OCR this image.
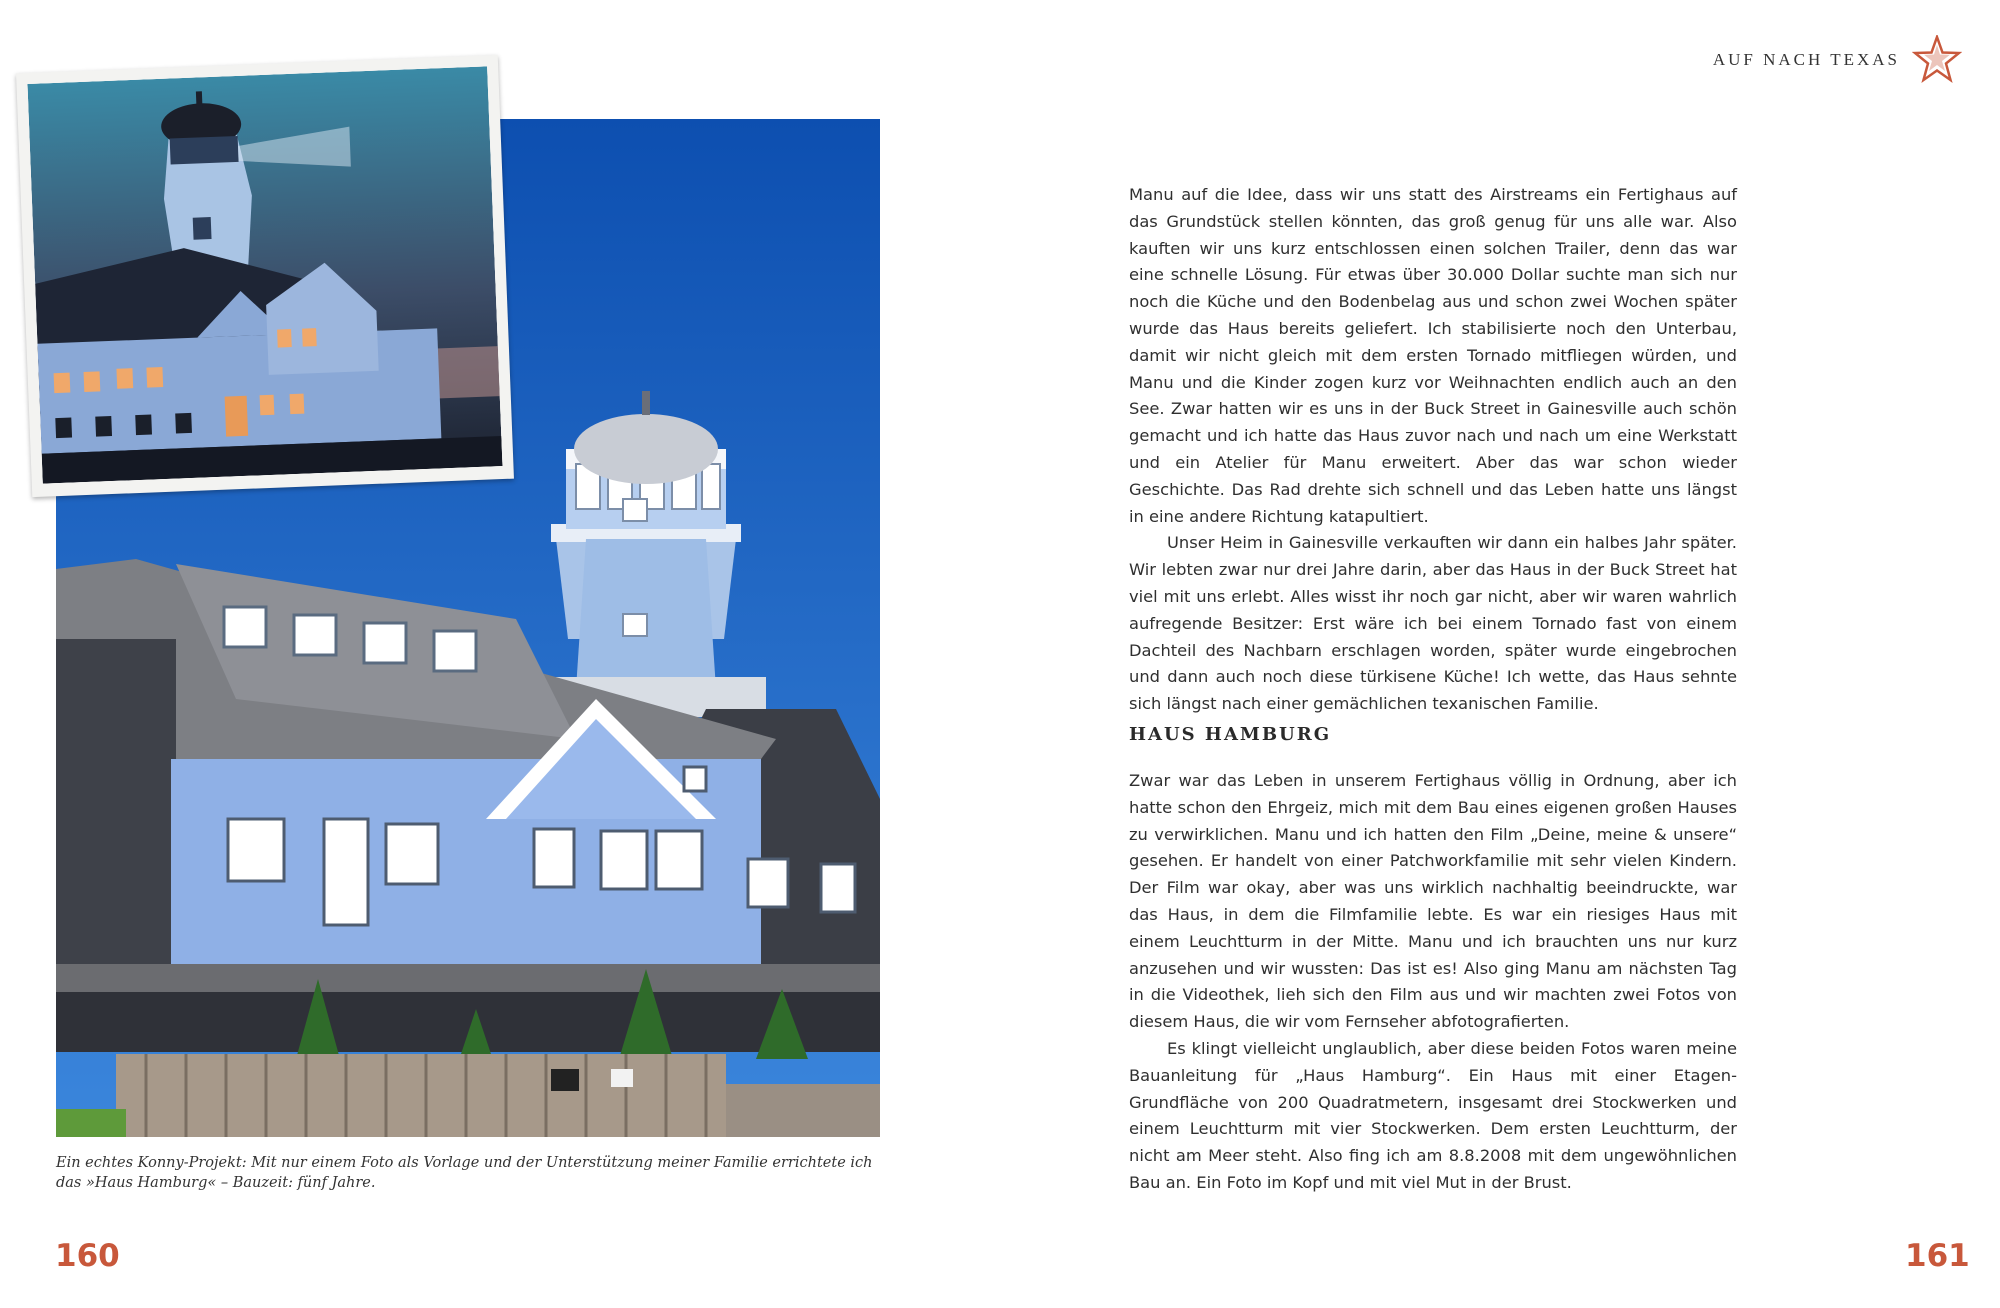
AUF NACH TEXAS
Ein echtes Konny-Projekt: Mit nur einem Foto als Vorlage und der Unterstützung meiner Familie errichtete ich das »Haus Hamburg« – Bauzeit: fünf Jahre.

Manu auf die Idee, dass wir uns statt des Airstreams ein Fertighaus auf das Grundstück stellen könnten, das groß genug für uns alle war. Also kauften wir uns kurz entschlossen einen solchen Trailer, denn das war eine schnelle Lösung. Für etwas über 30.000 Dollar suchte man sich nur noch die Küche und den Bodenbelag aus und schon zwei Wochen später wurde das Haus bereits geliefert. Ich stabilisierte noch den Unterbau, damit wir nicht gleich mit dem ersten Tornado mitfliegen würden, und Manu und die Kinder zogen kurz vor Weihnachten endlich auch an den See. Zwar hatten wir es uns in der Buck Street in Gainesville auch schön gemacht und ich hatte das Haus zuvor nach und nach um eine Werkstatt und ein Atelier für Manu erweitert. Aber das war schon wieder Geschichte. Das Rad drehte sich schnell und das Leben hatte uns längst in eine andere Richtung katapultiert.

Unser Heim in Gainesville verkauften wir dann ein halbes Jahr später. Wir lebten zwar nur drei Jahre darin, aber das Haus in der Buck Street hat viel mit uns erlebt. Alles wisst ihr noch gar nicht, aber wir waren wahrlich aufregende Besitzer: Erst wäre ich bei einem Tornado fast von einem Dachteil des Nachbarn erschlagen worden, später wurde eingebrochen und dann auch noch diese türkisene Küche! Ich wette, das Haus sehnte sich längst nach einer gemächlichen texanischen Familie.

HAUS HAMBURG

Zwar war das Leben in unserem Fertighaus völlig in Ordnung, aber ich hatte schon den Ehrgeiz, mich mit dem Bau eines eigenen großen Hauses zu verwirklichen. Manu und ich hatten den Film „Deine, meine & unsere“ gesehen. Er handelt von einer Patchworkfamilie mit sehr vielen Kindern. Der Film war okay, aber was uns wirklich nachhaltig beeindruckte, war das Haus, in dem die Filmfamilie lebte. Es war ein riesiges Haus mit einem Leuchtturm in der Mitte. Manu und ich brauchten uns nur kurz anzusehen und wir wussten: Das ist es! Also ging Manu am nächsten Tag in die Videothek, lieh sich den Film aus und wir machten zwei Fotos von diesem Haus, die wir vom Fernseher abfotografierten.

Es klingt vielleicht unglaublich, aber diese beiden Fotos waren meine Bauanleitung für „Haus Hamburg“. Ein Haus mit einer Etagen-Grundfläche von 200 Quadratmetern, insgesamt drei Stockwerken und einem Leuchtturm mit vier Stockwerken. Dem ersten Leuchtturm, der nicht am Meer steht. Also fing ich am 8.8.2008 mit dem ungewöhnlichen Bau an. Ein Foto im Kopf und mit viel Mut in der Brust.

160	161
